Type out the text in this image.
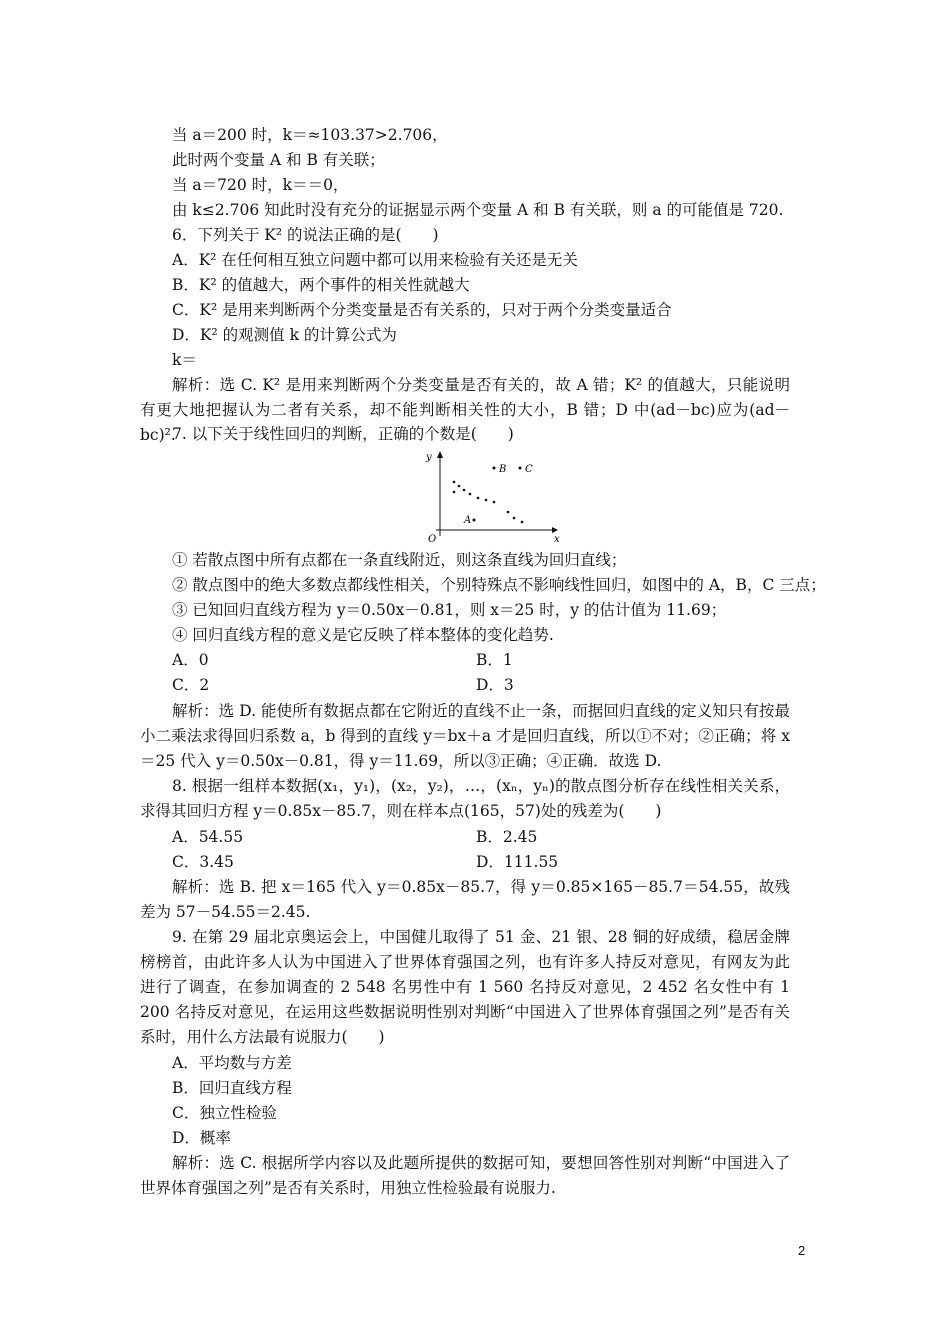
当 a＝200 时，k＝≈103.37>2.706，
此时两个变量 A 和 B 有关联；
当 a＝720 时，k＝＝0，
由 k≤2.706 知此时没有充分的证据显示两个变量 A 和 B 有关联，则 a 的可能值是 720.
6．下列关于 K² 的说法正确的是(　　)
A．K² 在任何相互独立问题中都可以用来检验有关还是无关
B．K² 的值越大，两个事件的相关性就越大
C．K² 是用来判断两个分类变量是否有关系的，只对于两个分类变量适合
D．K² 的观测值 k 的计算公式为
k＝
解析：选 C. K² 是用来判断两个分类变量是否有关的，故 A 错；K² 的值越大，只能说明有更大地把握认为二者有关系，却不能判断相关性的大小，B 错；D 中(ad－bc)应为(ad－bc)².
7. 以下关于线性回归的判断，正确的个数是(　　)
y
x
O
B C
A
① 若散点图中所有点都在一条直线附近，则这条直线为回归直线；
② 散点图中的绝大多数点都线性相关，个别特殊点不影响线性回归，如图中的 A，B，C 三点；
③ 已知回归直线方程为 y＝0.50x－0.81，则 x＝25 时，y 的估计值为 11.69；
④ 回归直线方程的意义是它反映了样本整体的变化趋势.
A．0	B．1
C．2	D．3
解析：选 D. 能使所有数据点都在它附近的直线不止一条，而据回归直线的定义知只有按最小二乘法求得回归系数 a，b 得到的直线 y＝bx＋a 才是回归直线，所以①不对；②正确；将 x＝25 代入 y＝0.50x－0.81，得 y＝11.69，所以③正确；④正确．故选 D.
8. 根据一组样本数据(x₁，y₁)，(x₂，y₂)，…，(xₙ，yₙ)的散点图分析存在线性相关关系，求得其回归方程 y＝0.85x－85.7，则在样本点(165，57)处的残差为(　　)
A．54.55	B．2.45
C．3.45	D．111.55
解析：选 B. 把 x＝165 代入 y＝0.85x－85.7，得 y＝0.85×165－85.7＝54.55，故残差为 57－54.55＝2.45.
9. 在第 29 届北京奥运会上，中国健儿取得了 51 金、21 银、28 铜的好成绩，稳居金牌榜榜首，由此许多人认为中国进入了世界体育强国之列，也有许多人持反对意见，有网友为此进行了调查，在参加调查的 2 548 名男性中有 1 560 名持反对意见，2 452 名女性中有 1 200 名持反对意见，在运用这些数据说明性别对判断“中国进入了世界体育强国之列”是否有关系时，用什么方法最有说服力(　　)
A．平均数与方差
B．回归直线方程
C．独立性检验
D．概率
解析：选 C. 根据所学内容以及此题所提供的数据可知，要想回答性别对判断“中国进入了世界体育强国之列”是否有关系时，用独立性检验最有说服力.
2
